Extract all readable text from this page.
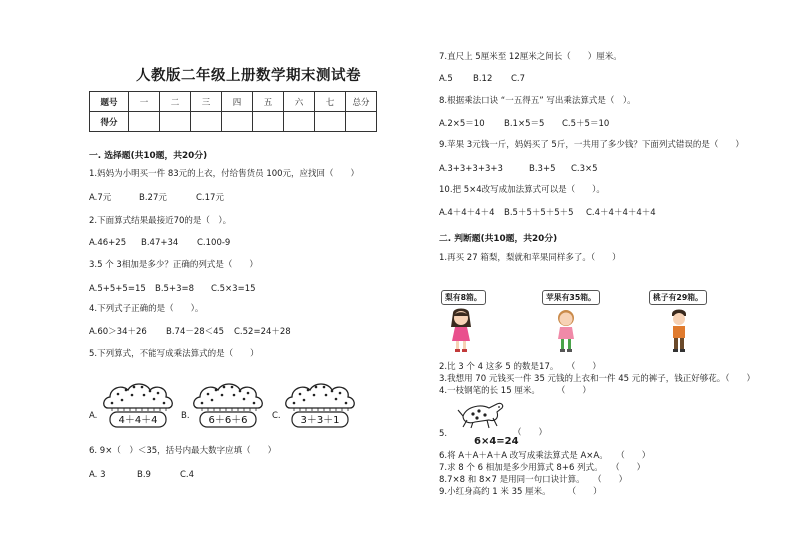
人教版二年级上册数学期末测试卷
题号	一	二	三	四	五	六	七	总分
得分								
一. 选择题(共10题，共20分)
1.妈妈为小明买一件 83元的上衣，付给售货员 100元，应找回（　　）
A.7元	B.27元	C.17元
2.下面算式结果最接近70的是（　）。
A.46+25 B.47+34 C.100-9
3.5 个 3相加是多少？正确的列式是（　　）
A.5+5+5=15 B.5+3=8 C.5×3=15
4.下列式子正确的是（　　）。
A.60＞34＋26 B.74－28＜45 C.52=24＋28
5.下列算式，不能写成乘法算式的是（　　）
A.	B.	C.
4＋4＋4	6＋6＋6	3＋3＋1
6. 9×（　）＜35，括号内最大数字应填（　　）
A. 3	B.9	C.4
7.直尺上 5厘米至 12厘米之间长（　　）厘米。
A.5 B.12 C.7
8.根据乘法口诀 “一五得五” 写出乘法算式是（　）。
A.2×5＝10 B.1×5＝5 C.5＋5＝10
9.苹果 3元钱一斤，妈妈买了 5斤，一共用了多少钱？下面列式错误的是（　　）
A.3+3+3+3+3	B.3+5 C.3×5
10.把 5×4改写成加法算式可以是（　　）。
A.4＋4＋4＋4 B.5＋5＋5＋5＋5 C.4＋4＋4＋4＋4
二. 判断题(共10题，共20分)
1.再买 27 箱梨，梨就和苹果同样多了。（　　）
梨有8箱。	苹果有35箱。	桃子有29箱。
2.比 3 个 4 这多 5 的数是17。　　（　　）
3.我想用 70 元钱买一件 35 元钱的上衣和一件 45 元的裤子，钱正好够花。（　　）
4.一枝钢笔的长 15 厘米。　　　（　　）
5.
6×4=24
（　　）
6.将 A＋A＋A＋A 改写成乘法算式是 A×A。　　（　　）
7.求 8 个 6 相加是多少用算式 8+6 列式。　　（　　）
8.7×8 和 8×7 是用同一句口诀计算。　　（　　）
9.小红身高约 1 米 35 厘米。　　　（　　）
